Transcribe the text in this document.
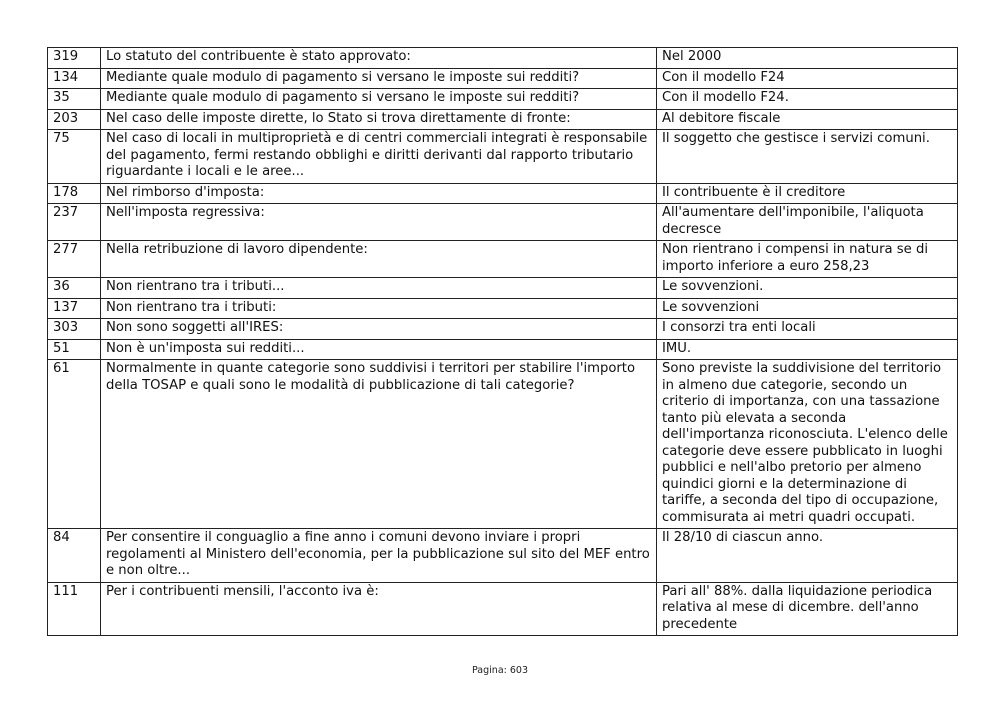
319	Lo statuto del contribuente è stato approvato:	Nel 2000
134	Mediante quale modulo di pagamento si versano le imposte sui redditi?	Con il modello F24
35	Mediante quale modulo di pagamento si versano le imposte sui redditi?	Con il modello F24.
203	Nel caso delle imposte dirette, lo Stato si trova direttamente di fronte:	Al debitore fiscale
75	Nel caso di locali in multiproprietà e di centri commerciali integrati è responsabile del pagamento, fermi restando obblighi e diritti derivanti dal rapporto tributario riguardante i locali e le aree...	Il soggetto che gestisce i servizi comuni.
178	Nel rimborso d'imposta:	Il contribuente è il creditore
237	Nell'imposta regressiva:	All'aumentare dell'imponibile, l'aliquota decresce
277	Nella retribuzione di lavoro dipendente:	Non rientrano i compensi in natura se di importo inferiore a euro 258,23
36	Non rientrano tra i tributi...	Le sovvenzioni.
137	Non rientrano tra i tributi:	Le sovvenzioni
303	Non sono soggetti all'IRES:	I consorzi tra enti locali
51	Non è un'imposta sui redditi...	IMU.
61	Normalmente in quante categorie sono suddivisi i territori per stabilire l'importo della TOSAP e quali sono le modalità di pubblicazione di tali categorie?	Sono previste la suddivisione del territorio in almeno due categorie, secondo un criterio di importanza, con una tassazione tanto più elevata a seconda dell'importanza riconosciuta. L'elenco delle categorie deve essere pubblicato in luoghi pubblici e nell'albo pretorio per almeno quindici giorni e la determinazione di tariffe, a seconda del tipo di occupazione, commisurata ai metri quadri occupati.
84	Per consentire il conguaglio a fine anno i comuni devono inviare i propri regolamenti al Ministero dell'economia, per la pubblicazione sul sito del MEF entro e non oltre...	Il 28/10 di ciascun anno.
111	Per i contribuenti mensili, l'acconto iva è:	Pari all' 88%. dalla liquidazione periodica relativa al mese di dicembre. dell'anno precedente
Pagina: 603
